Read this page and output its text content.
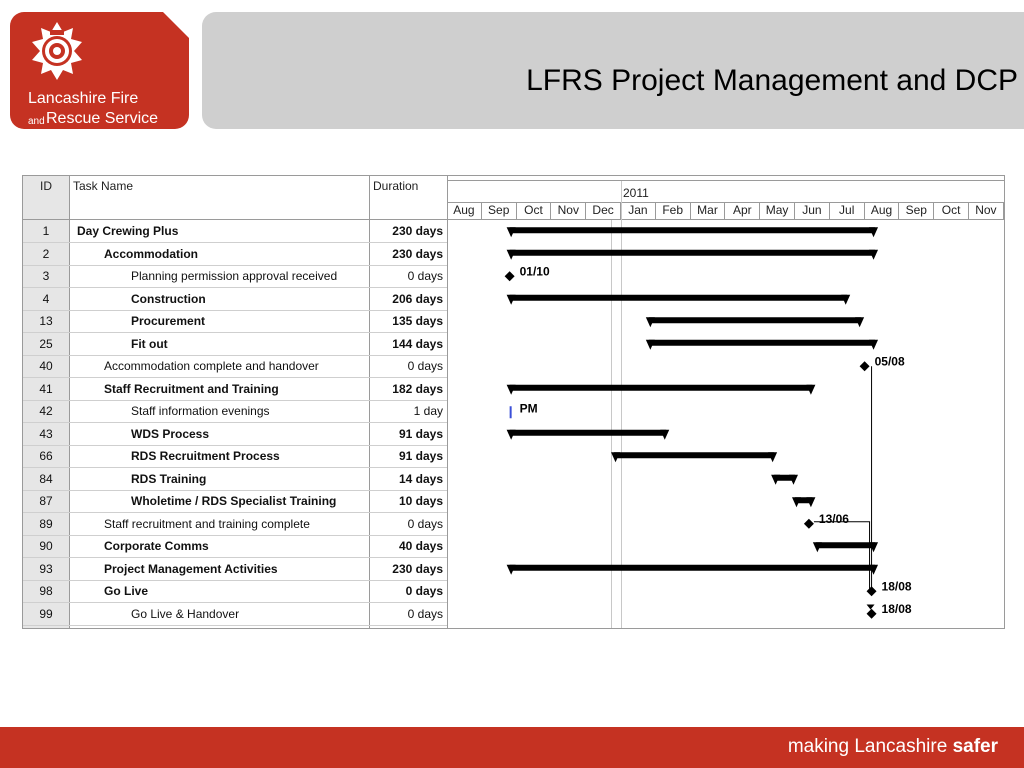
LFRS Project Management and DCP
Lancashire Fire
and Rescue Service
ID	Task Name	Duration	2011
1	Day Crewing Plus	230 days
2	Accommodation	230 days
3	Planning permission approval received	0 days
4	Construction	206 days
13	Procurement	135 days
25	Fit out	144 days
40	Accommodation complete and handover	0 days
41	Staff Recruitment and Training	182 days
42	Staff information evenings	1 day
43	WDS Process	91 days
66	RDS Recruitment Process	91 days
84	RDS Training	14 days
87	Wholetime / RDS Specialist Training	10 days
89	Staff recruitment and training complete	0 days
90	Corporate Comms	40 days
93	Project Management Activities	230 days
98	Go Live	0 days
99	Go Live & Handover	0 days
Aug	Sep	Oct	Nov	Dec	Jan	Feb	Mar	Apr	May	Jun	Jul	Aug	Sep	Oct	Nov
01/10
05/08
PM
13/06
18/08
18/08
making Lancashire safer
